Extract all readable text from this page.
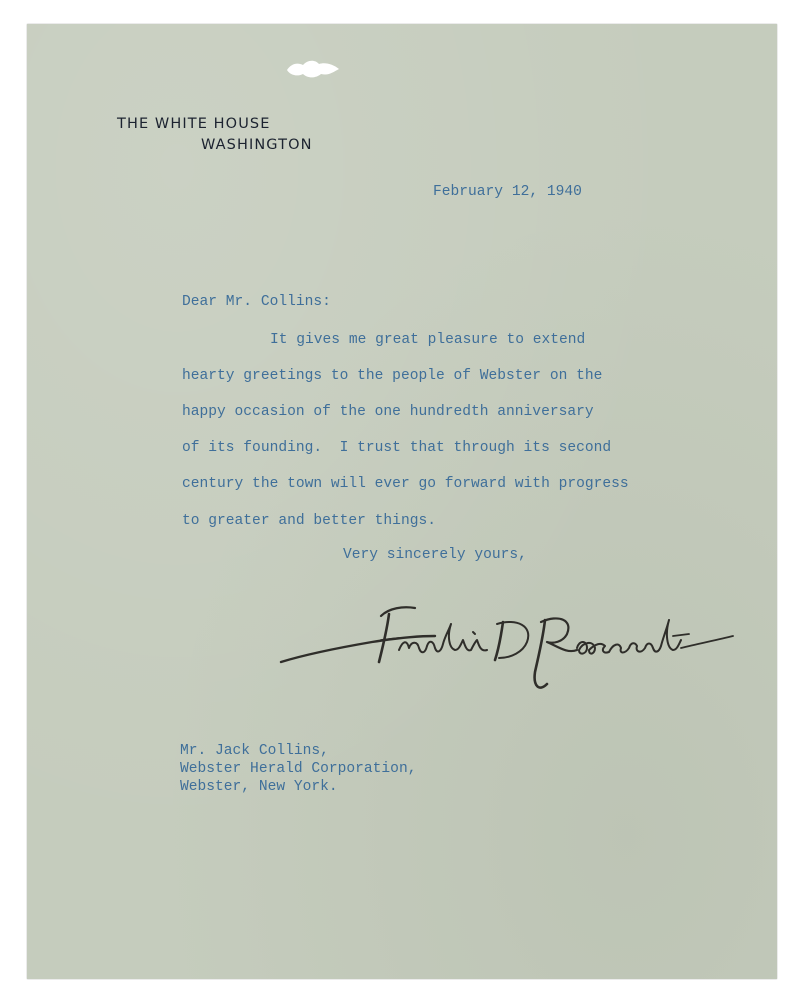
THE WHITE HOUSE
WASHINGTON
February 12, 1940
Dear Mr. Collins:
It gives me great pleasure to extend
hearty greetings to the people of Webster on the
happy occasion of the one hundredth anniversary
of its founding.  I trust that through its second
century the town will ever go forward with progress
to greater and better things.
Very sincerely yours,
Mr. Jack Collins,
Webster Herald Corporation,
Webster, New York.
